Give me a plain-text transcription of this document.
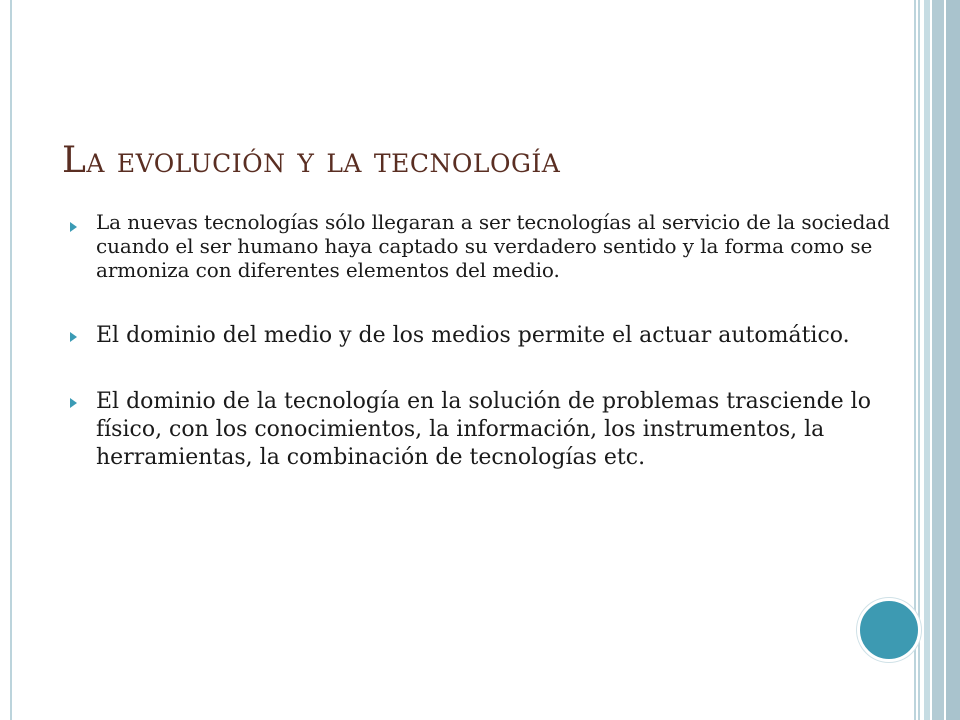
La evolución y la tecnología
La nuevas tecnologías sólo llegaran a ser tecnologías al servicio de la sociedad cuando el ser humano haya captado su verdadero sentido y la forma como se armoniza con diferentes elementos del medio.
El dominio del medio y de los medios permite el actuar automático.
El dominio de la tecnología en la solución de problemas trasciende lo físico, con los conocimientos, la información, los instrumentos, la herramientas, la combinación de tecnologías etc.
